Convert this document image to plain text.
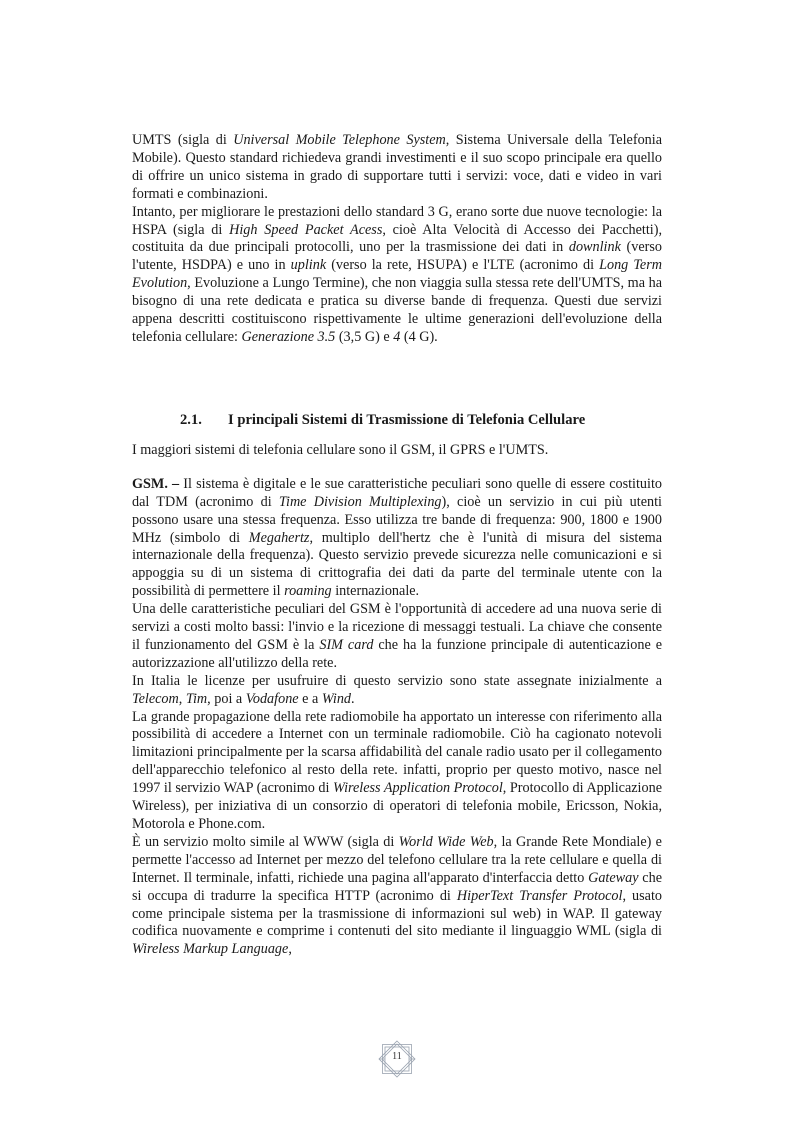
UMTS (sigla di Universal Mobile Telephone System, Sistema Universale della Telefonia Mobile). Questo standard richiedeva grandi investimenti e il suo scopo principale era quello di offrire un unico sistema in grado di supportare tutti i servizi: voce, dati e video in vari formati e combinazioni.

Intanto, per migliorare le prestazioni dello standard 3 G, erano sorte due nuove tecnologie: la HSPA (sigla di High Speed Packet Acess, cioè Alta Velocità di Accesso dei Pacchetti), costituita da due principali protocolli, uno per la trasmissione dei dati in downlink (verso l'utente, HSDPA) e uno in uplink (verso la rete, HSUPA) e l'LTE (acronimo di Long Term Evolution, Evoluzione a Lungo Termine), che non viaggia sulla stessa rete dell'UMTS, ma ha bisogno di una rete dedicata e pratica su diverse bande di frequenza. Questi due servizi appena descritti costituiscono rispettivamente le ultime generazioni dell'evoluzione della telefonia cellulare: Generazione 3.5 (3,5 G) e 4 (4 G).

2.1. I principali Sistemi di Trasmissione di Telefonia Cellulare

I maggiori sistemi di telefonia cellulare sono il GSM, il GPRS e l'UMTS.

GSM. – Il sistema è digitale e le sue caratteristiche peculiari sono quelle di essere costituito dal TDM (acronimo di Time Division Multiplexing), cioè un servizio in cui più utenti possono usare una stessa frequenza. Esso utilizza tre bande di frequenza: 900, 1800 e 1900 MHz (simbolo di Megahertz, multiplo dell'hertz che è l'unità di misura del sistema internazionale della frequenza). Questo servizio prevede sicurezza nelle comunicazioni e si appoggia su di un sistema di crittografia dei dati da parte del terminale utente con la possibilità di permettere il roaming internazionale.

Una delle caratteristiche peculiari del GSM è l'opportunità di accedere ad una nuova serie di servizi a costi molto bassi: l'invio e la ricezione di messaggi testuali. La chiave che consente il funzionamento del GSM è la SIM card che ha la funzione principale di autenticazione e autorizzazione all'utilizzo della rete.

In Italia le licenze per usufruire di questo servizio sono state assegnate inizialmente a Telecom, Tim, poi a Vodafone e a Wind.

La grande propagazione della rete radiomobile ha apportato un interesse con riferimento alla possibilità di accedere a Internet con un terminale radiomobile. Ciò ha cagionato notevoli limitazioni principalmente per la scarsa affidabilità del canale radio usato per il collegamento dell'apparecchio telefonico al resto della rete. infatti, proprio per questo motivo, nasce nel 1997 il servizio WAP (acronimo di Wireless Application Protocol, Protocollo di Applicazione Wireless), per iniziativa di un consorzio di operatori di telefonia mobile, Ericsson, Nokia, Motorola e Phone.com.

È un servizio molto simile al WWW (sigla di World Wide Web, la Grande Rete Mondiale) e permette l'accesso ad Internet per mezzo del telefono cellulare tra la rete cellulare e quella di Internet. Il terminale, infatti, richiede una pagina all'apparato d'interfaccia detto Gateway che si occupa di tradurre la specifica HTTP (acronimo di HiperText Transfer Protocol, usato come principale sistema per la trasmissione di informazioni sul web) in WAP. Il gateway codifica nuovamente e comprime i contenuti del sito mediante il linguaggio WML (sigla di Wireless Markup Language,

11
